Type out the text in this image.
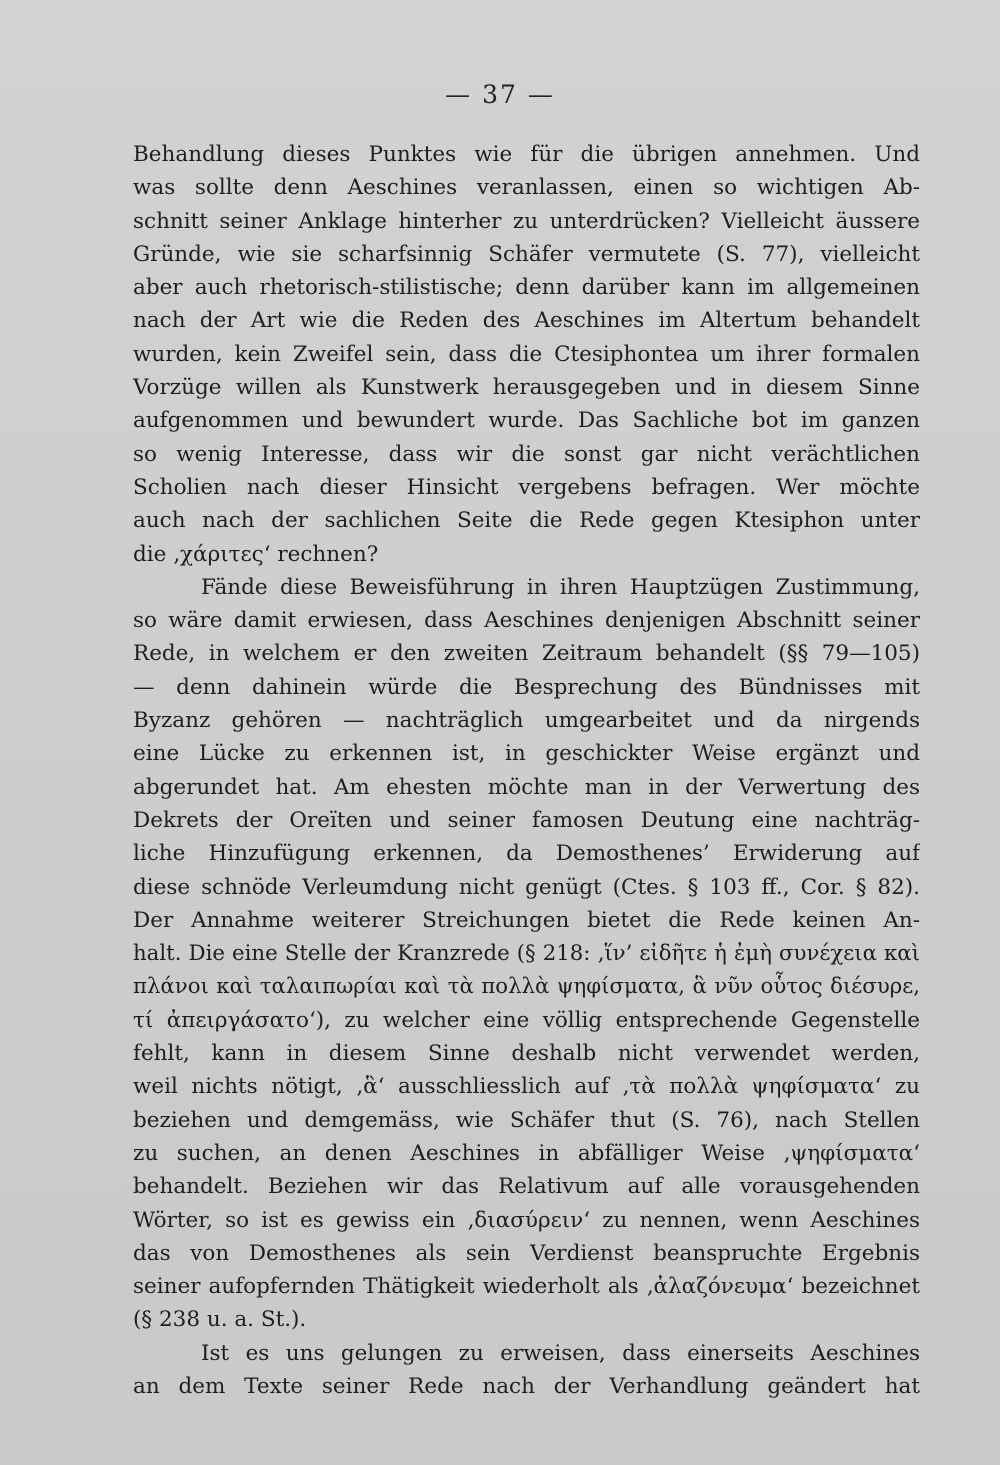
— 37 —

Behandlung dieses Punktes wie für die übrigen annehmen. Und
was sollte denn Aeschines veranlassen, einen so wichtigen Ab-
schnitt seiner Anklage hinterher zu unterdrücken? Vielleicht äussere
Gründe, wie sie scharfsinnig Schäfer vermutete (S. 77), vielleicht
aber auch rhetorisch-stilistische; denn darüber kann im allgemeinen
nach der Art wie die Reden des Aeschines im Altertum behandelt
wurden, kein Zweifel sein, dass die Ctesiphontea um ihrer formalen
Vorzüge willen als Kunstwerk herausgegeben und in diesem Sinne
aufgenommen und bewundert wurde. Das Sachliche bot im ganzen
so wenig Interesse, dass wir die sonst gar nicht verächtlichen
Scholien nach dieser Hinsicht vergebens befragen. Wer möchte
auch nach der sachlichen Seite die Rede gegen Ktesiphon unter
die ‚χάριτες‘ rechnen?
Fände diese Beweisführung in ihren Hauptzügen Zustimmung,
so wäre damit erwiesen, dass Aeschines denjenigen Abschnitt seiner
Rede, in welchem er den zweiten Zeitraum behandelt (§§ 79—105)
— denn dahinein würde die Besprechung des Bündnisses mit
Byzanz gehören — nachträglich umgearbeitet und da nirgends
eine Lücke zu erkennen ist, in geschickter Weise ergänzt und
abgerundet hat. Am ehesten möchte man in der Verwertung des
Dekrets der Oreïten und seiner famosen Deutung eine nachträg-
liche Hinzufügung erkennen, da Demosthenes’ Erwiderung auf
diese schnöde Verleumdung nicht genügt (Ctes. § 103 ff., Cor. § 82).
Der Annahme weiterer Streichungen bietet die Rede keinen An-
halt. Die eine Stelle der Kranzrede (§ 218: ‚ἵν’ εἰδῆτε ἡ ἐμὴ συνέχεια καὶ
πλάνοι καὶ ταλαιπωρίαι καὶ τὰ πολλὰ ψηφίσματα, ἃ νῦν οὗτος διέσυρε,
τί ἀπειργάσατο‘), zu welcher eine völlig entsprechende Gegenstelle
fehlt, kann in diesem Sinne deshalb nicht verwendet werden,
weil nichts nötigt, ‚ἃ‘ ausschliesslich auf ‚τὰ πολλὰ ψηφίσματα‘ zu
beziehen und demgemäss, wie Schäfer thut (S. 76), nach Stellen
zu suchen, an denen Aeschines in abfälliger Weise ‚ψηφίσματα‘
behandelt. Beziehen wir das Relativum auf alle vorausgehenden
Wörter, so ist es gewiss ein ‚διασύρειν‘ zu nennen, wenn Aeschines
das von Demosthenes als sein Verdienst beanspruchte Ergebnis
seiner aufopfernden Thätigkeit wiederholt als ‚ἀλαζόνευμα‘ bezeichnet
(§ 238 u. a. St.).
Ist es uns gelungen zu erweisen, dass einerseits Aeschines
an dem Texte seiner Rede nach der Verhandlung geändert hat
